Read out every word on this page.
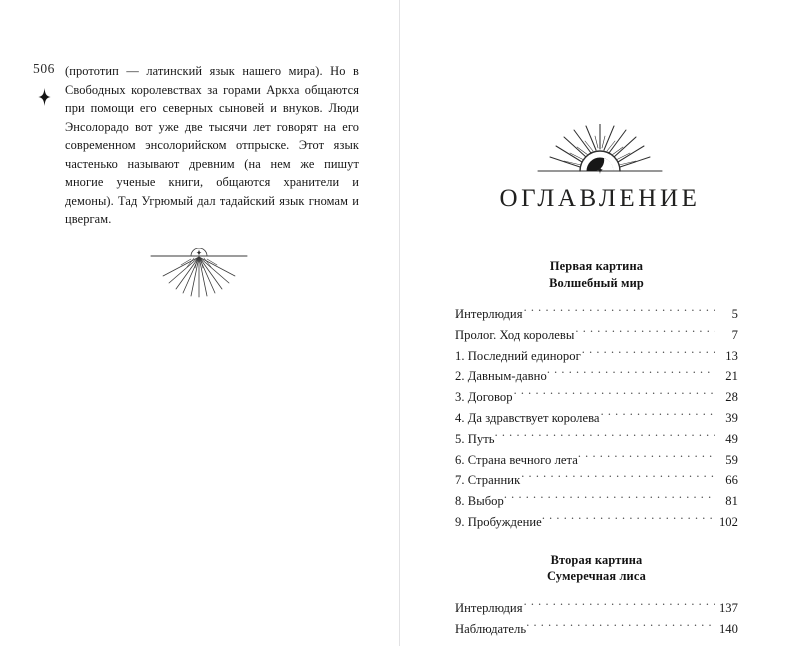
506 (прототип — латинский язык нашего мира). Но в Свободных королевствах за горами Аркха общаются при помощи его северных сыновей и внуков. Люди Энсолорадо вот уже две тысячи лет говорят на его современном энсолорийском отпрыске. Этот язык частенько называют древним (на нем же пишут многие ученые книги, общаются хранители и демоны). Тад Угрюмый дал тадайский язык гномам и цвергам.
ОГЛАВЛЕНИЕ
Первая картина
Волшебный мир
Интерлюдия . . .	5
Пролог. Ход королевы . . .	7
1. Последний единорог . . .	13
2. Давным-давно . . .	21
3. Договор . . .	28
4. Да здравствует королева . . .	39
5. Путь . . .	49
6. Страна вечного лета . . .	59
7. Странник . . .	66
8. Выбор . . .	81
9. Пробуждение . . .	102
Вторая картина
Сумеречная лиса
Интерлюдия . . .	137
Наблюдатель . . .	140
